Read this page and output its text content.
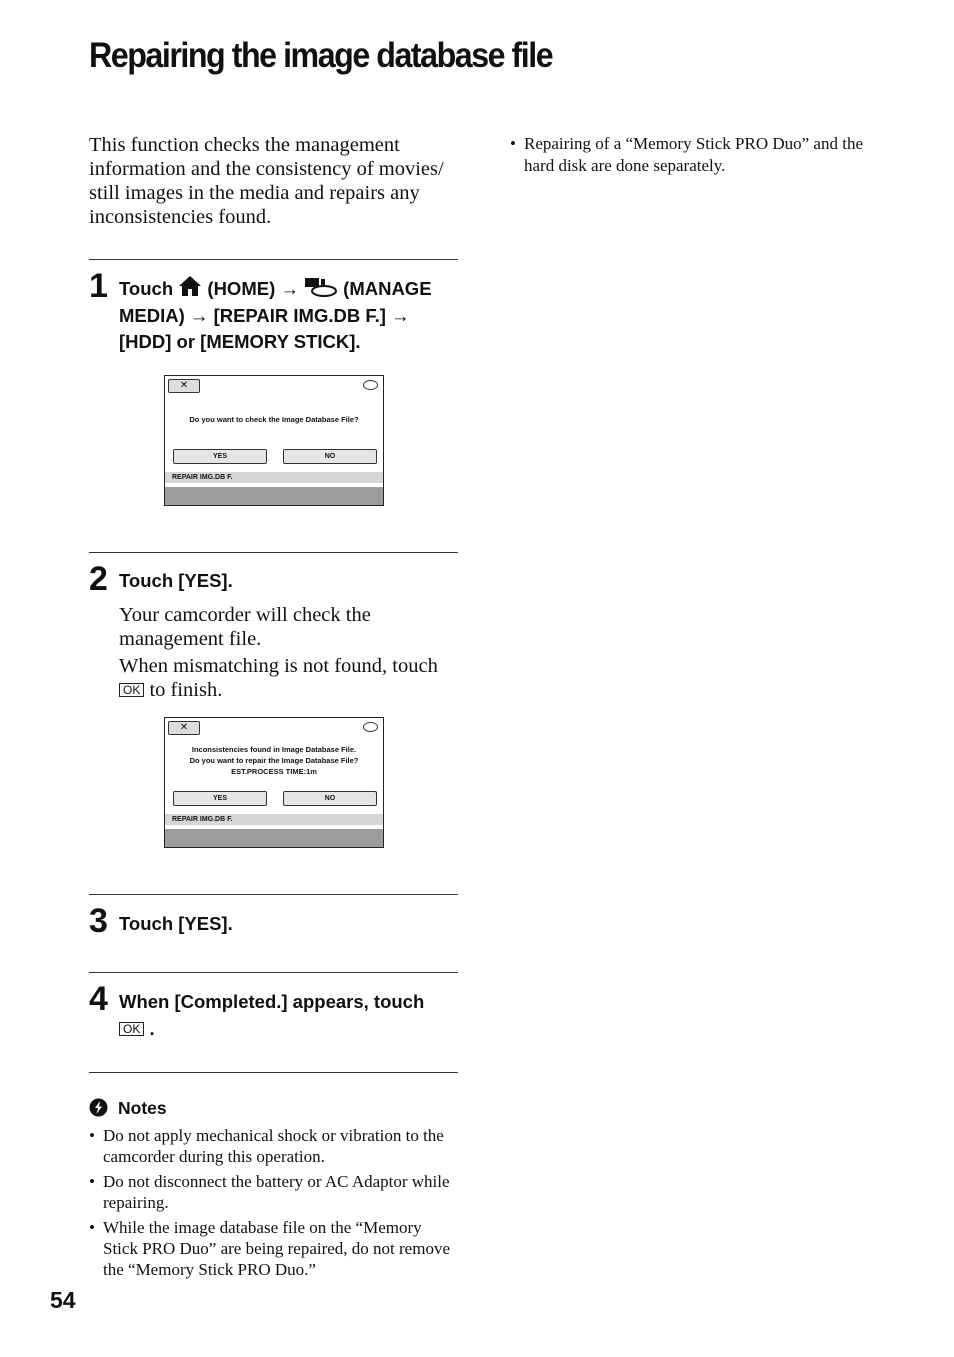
Repairing the image database file
This function checks the management information and the consistency of movies/ still images in the media and repairs any inconsistencies found.
• Repairing of a “Memory Stick PRO Duo” and the hard disk are done separately.
1 Touch (HOME) → (MANAGE
MEDIA) → [REPAIR IMG.DB F.] →
[HDD] or [MEMORY STICK].
✕
Do you want to check the Image Database File?
YES	NO
REPAIR IMG.DB F.
2 Touch [YES].
Your camcorder will check the management file.
When mismatching is not found, touch OK to finish.
✕
Inconsistencies found in Image Database File.
Do you want to repair the Image Database File?
EST.PROCESS TIME:1m
YES	NO
REPAIR IMG.DB F.
3 Touch [YES].
4 When [Completed.] appears, touch
OK .
Notes
• Do not apply mechanical shock or vibration to the camcorder during this operation.
• Do not disconnect the battery or AC Adaptor while repairing.
• While the image database file on the “Memory Stick PRO Duo” are being repaired, do not remove the “Memory Stick PRO Duo.”
54
